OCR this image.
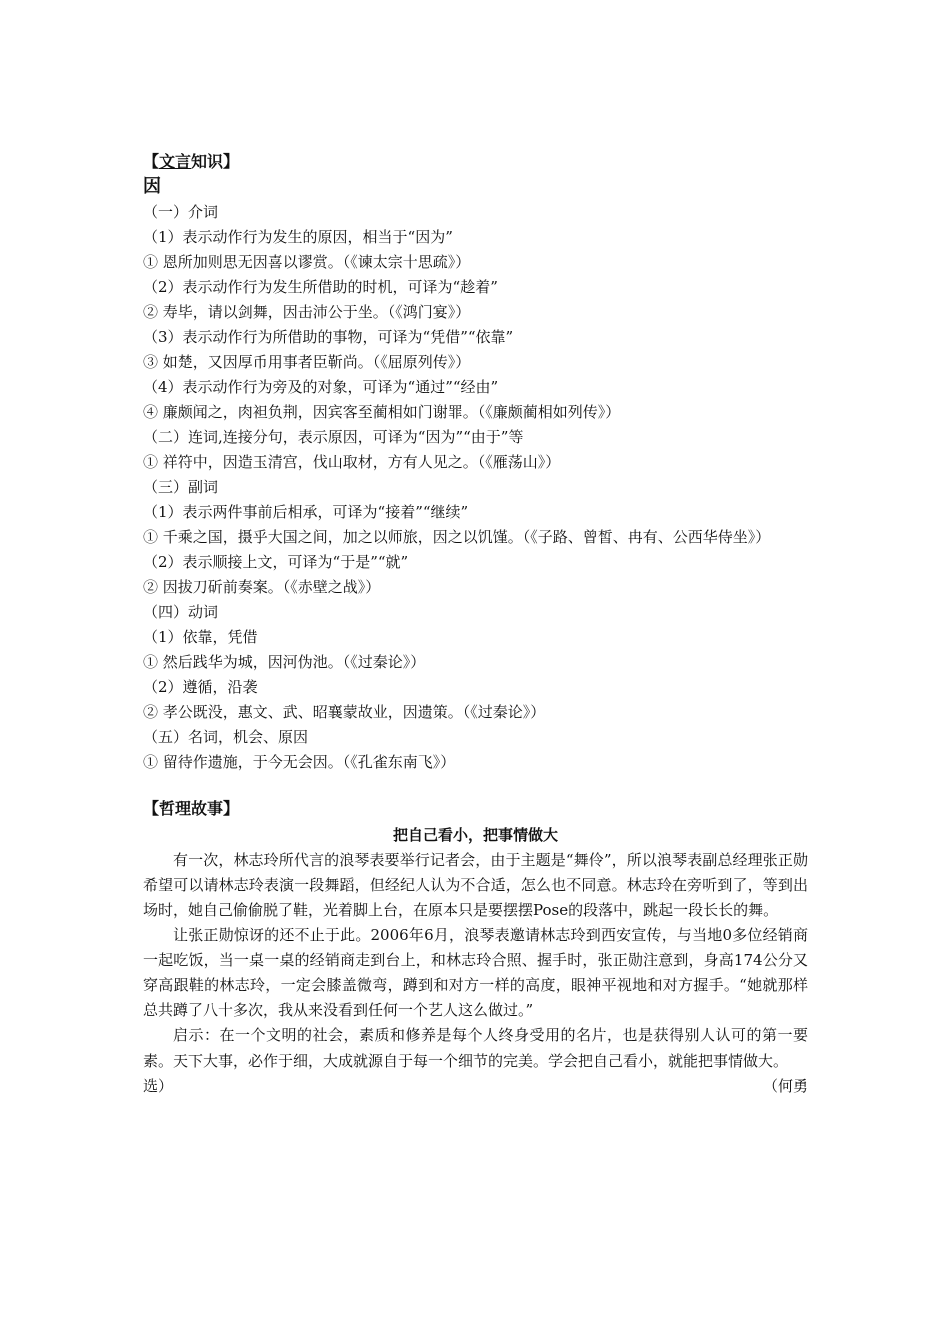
【文言知识】
因
（一）介词
（1）表示动作行为发生的原因，相当于“因为”
① 恩所加则思无因喜以谬赏。（《谏太宗十思疏》）
（2）表示动作行为发生所借助的时机，可译为“趁着”
② 寿毕，请以剑舞，因击沛公于坐。（《鸿门宴》）
（3）表示动作行为所借助的事物，可译为“凭借”“依靠”
③ 如楚，又因厚币用事者臣靳尚。（《屈原列传》）
（4）表示动作行为旁及的对象，可译为“通过”“经由”
④ 廉颇闻之，肉袒负荆，因宾客至蔺相如门谢罪。（《廉颇蔺相如列传》）
（二）连词,连接分句，表示原因，可译为“因为”“由于”等
① 祥符中，因造玉清宫，伐山取材，方有人见之。（《雁荡山》）
（三）副词
（1）表示两件事前后相承，可译为“接着”“继续”
① 千乘之国，摄乎大国之间，加之以师旅，因之以饥馑。（《子路、曾皙、冉有、公西华侍坐》）
（2）表示顺接上文，可译为“于是”“就”
② 因拔刀斫前奏案。（《赤壁之战》）
（四）动词
（1）依靠，凭借
① 然后践华为城，因河伪池。（《过秦论》）
（2）遵循，沿袭
② 孝公既没，惠文、武、昭襄蒙故业，因遗策。（《过秦论》）
（五）名词，机会、原因
① 留待作遗施，于今无会因。（《孔雀东南飞》）
【哲理故事】
把自己看小，把事情做大
有一次，林志玲所代言的浪琴表要举行记者会，由于主题是“舞伶”，所以浪琴表副总经理张正勋希望可以请林志玲表演一段舞蹈，但经纪人认为不合适，怎么也不同意。林志玲在旁听到了，等到出场时，她自己偷偷脱了鞋，光着脚上台，在原本只是要摆摆Pose的段落中，跳起一段长长的舞。
让张正勋惊讶的还不止于此。2006年6月，浪琴表邀请林志玲到西安宣传，与当地0多位经销商一起吃饭，当一桌一桌的经销商走到台上，和林志玲合照、握手时，张正勋注意到，身高174公分又穿高跟鞋的林志玲，一定会膝盖微弯，蹲到和对方一样的高度，眼神平视地和对方握手。“她就那样总共蹲了八十多次，我从来没看到任何一个艺人这么做过。”
启示：在一个文明的社会，素质和修养是每个人终身受用的名片，也是获得别人认可的第一要素。天下大事，必作于细，大成就源自于每一个细节的完美。学会把自己看小，就能把事情做大。
（何勇
选）
